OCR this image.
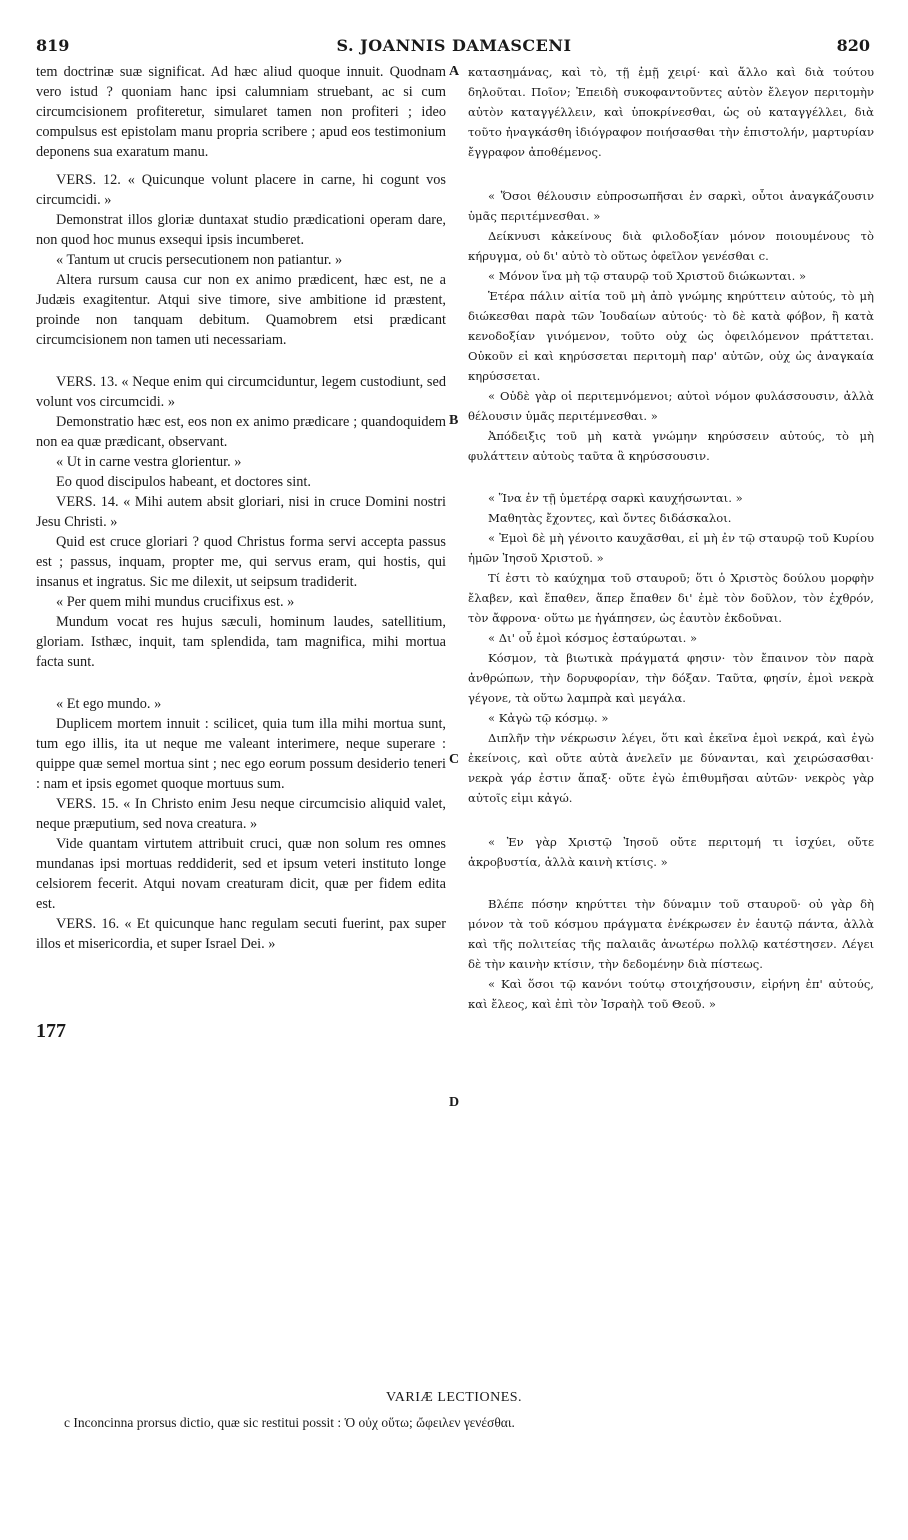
819	S. JOANNIS DAMASCENI	820

tem doctrinæ suæ significat. Ad hæc aliud quoque innuit. Quodnam vero istud ? quoniam hanc ipsi calumniam struebant, ac si cum circumcisionem profiteretur, simularet tamen non profiteri ; ideo compulsus est epistolam manu propria scribere ; apud eos testimonium deponens sua exaratum manu.

VERS. 12. « Quicunque volunt placere in carne, hi cogunt vos circumcidi. »

Demonstrat illos gloriæ duntaxat studio prædicationi operam dare, non quod hoc munus exsequi ipsis incumberet.

« Tantum ut crucis persecutionem non patiantur. »

Altera rursum causa cur non ex animo prædicent, hæc est, ne a Judæis exagitentur. Atqui sive timore, sive ambitione id præstent, proinde non tanquam debitum. Quamobrem etsi prædicant circumcisionem non tamen uti necessariam.

VERS. 13. « Neque enim qui circumciduntur, legem custodiunt, sed volunt vos circumcidi. »

Demonstratio hæc est, eos non ex animo prædicare ; quandoquidem non ea quæ prædicant, observant.

« Ut in carne vestra glorientur. »

Eo quod discipulos habeant, et doctores sint.

VERS. 14. « Mihi autem absit gloriari, nisi in cruce Domini nostri Jesu Christi. »

Quid est cruce gloriari ? quod Christus forma servi accepta passus est ; passus, inquam, propter me, qui servus eram, qui hostis, qui insanus et ingratus. Sic me dilexit, ut seipsum tradiderit.

« Per quem mihi mundus crucifixus est. »

Mundum vocat res hujus sæculi, hominum laudes, satellitium, gloriam. Isthæc, inquit, tam splendida, tam magnifica, mihi mortua facta sunt.

« Et ego mundo. »

Duplicem mortem innuit : scilicet, quia tum illa mihi mortua sunt, tum ego illis, ita ut neque me valeant interimere, neque superare : quippe quæ semel mortua sint ; nec ego eorum possum desiderio teneri : nam et ipsis egomet quoque mortuus sum.

VERS. 15. « In Christo enim Jesu neque circumcisio aliquid valet, neque præputium, sed nova creatura. »

Vide quantam virtutem attribuit cruci, quæ non solum res omnes mundanas ipsi mortuas reddiderit, sed et ipsum veteri instituto longe celsiorem fecerit. Atqui novam creaturam dicit, quæ per fidem edita est.

VERS. 16. « Et quicunque hanc regulam secuti fuerint, pax super illos et misericordia, et super Israel Dei. »

κατασημάνας, καὶ τὸ, τῇ ἐμῇ χειρί· καὶ ἄλλο καὶ διὰ τούτου δηλοῦται. Ποῖον; Ἐπειδὴ συκοφαντοῦντες αὐτὸν ἔλεγον περιτομὴν αὐτὸν καταγγέλλειν, καὶ ὑποκρίνεσθαι, ὡς οὐ καταγγέλλει, διὰ τοῦτο ἠναγκάσθη ἰδιόγραφον ποιήσασθαι τὴν ἐπιστολήν, μαρτυρίαν ἔγγραφον ἀποθέμενος.

« Ὅσοι θέλουσιν εὐπροσωπῆσαι ἐν σαρκὶ, οὗτοι ἀναγκάζουσιν ὑμᾶς περιτέμνεσθαι. »

Δείκνυσι κἀκείνους διὰ φιλοδοξίαν μόνον ποιουμένους τὸ κήρυγμα, οὐ δι' αὐτὸ τὸ οὕτως ὀφεῖλον γενέσθαι c.

« Μόνον ἵνα μὴ τῷ σταυρῷ τοῦ Χριστοῦ διώκωνται. »

Ἑτέρα πάλιν αἰτία τοῦ μὴ ἀπὸ γνώμης κηρύττειν αὐτούς, τὸ μὴ διώκεσθαι παρὰ τῶν Ἰουδαίων αὐτούς· τὸ δὲ κατὰ φόβον, ἢ κατὰ κενοδοξίαν γινόμενον, τοῦτο οὐχ ὡς ὀφειλόμενον πράττεται. Οὐκοῦν εἰ καὶ κηρύσσεται περιτομὴ παρ' αὐτῶν, οὐχ ὡς ἀναγκαία κηρύσσεται.

« Οὐδὲ γὰρ οἱ περιτεμνόμενοι; αὐτοὶ νόμον φυλάσσουσιν, ἀλλὰ θέλουσιν ὑμᾶς περιτέμνεσθαι. »

Ἀπόδειξις τοῦ μὴ κατὰ γνώμην κηρύσσειν αὐτούς, τὸ μὴ φυλάττειν αὐτοὺς ταῦτα ἃ κηρύσσουσιν.

« Ἵνα ἐν τῇ ὑμετέρᾳ σαρκὶ καυχήσωνται. »

Μαθητὰς ἔχοντες, καὶ ὄντες διδάσκαλοι.

« Ἐμοὶ δὲ μὴ γένοιτο καυχᾶσθαι, εἰ μὴ ἐν τῷ σταυρῷ τοῦ Κυρίου ἡμῶν Ἰησοῦ Χριστοῦ. »

Τί ἐστι τὸ καύχημα τοῦ σταυροῦ; ὅτι ὁ Χριστὸς δούλου μορφὴν ἔλαβεν, καὶ ἔπαθεν, ἅπερ ἔπαθεν δι' ἐμὲ τὸν δοῦλον, τὸν ἐχθρόν, τὸν ἄφρονα· οὕτω με ἠγάπησεν, ὡς ἑαυτὸν ἐκδοῦναι.

« Δι' οὗ ἐμοὶ κόσμος ἐσταύρωται. »

Κόσμον, τὰ βιωτικὰ πράγματά φησιν· τὸν ἔπαινον τὸν παρὰ ἀνθρώπων, τὴν δορυφορίαν, τὴν δόξαν. Ταῦτα, φησίν, ἐμοὶ νεκρὰ γέγονε, τὰ οὕτω λαμπρὰ καὶ μεγάλα.

« Κἀγὼ τῷ κόσμῳ. »

Διπλῆν τὴν νέκρωσιν λέγει, ὅτι καὶ ἐκεῖνα ἐμοὶ νεκρά, καὶ ἐγὼ ἐκείνοις, καὶ οὔτε αὐτὰ ἀνελεῖν με δύνανται, καὶ χειρώσασθαι· νεκρὰ γάρ ἐστιν ἅπαξ· οὔτε ἐγὼ ἐπιθυμῆσαι αὐτῶν· νεκρὸς γὰρ αὐτοῖς εἰμι κἀγώ.

« Ἐν γὰρ Χριστῷ Ἰησοῦ οὔτε περιτομή τι ἰσχύει, οὔτε ἀκροβυστία, ἀλλὰ καινὴ κτίσις. »

Βλέπε πόσην κηρύττει τὴν δύναμιν τοῦ σταυροῦ· οὐ γὰρ δὴ μόνον τὰ τοῦ κόσμου πράγματα ἐνέκρωσεν ἐν ἑαυτῷ πάντα, ἀλλὰ καὶ τῆς πολιτείας τῆς παλαιᾶς ἀνωτέρω πολλῷ κατέστησεν. Λέγει δὲ τὴν καινὴν κτίσιν, τὴν δεδομένην διὰ πίστεως.

« Καὶ ὅσοι τῷ κανόνι τούτῳ στοιχήσουσιν, εἰρήνη ἐπ' αὐτούς, καὶ ἔλεος, καὶ ἐπὶ τὸν Ἰσραὴλ τοῦ Θεοῦ. »

A
B
C
D
177
VARIÆ LECTIONES.
c Inconcinna prorsus dictio, quæ sic restitui possit : Ὁ οὐχ οὕτω; ὤφειλεν γενέσθαι.
